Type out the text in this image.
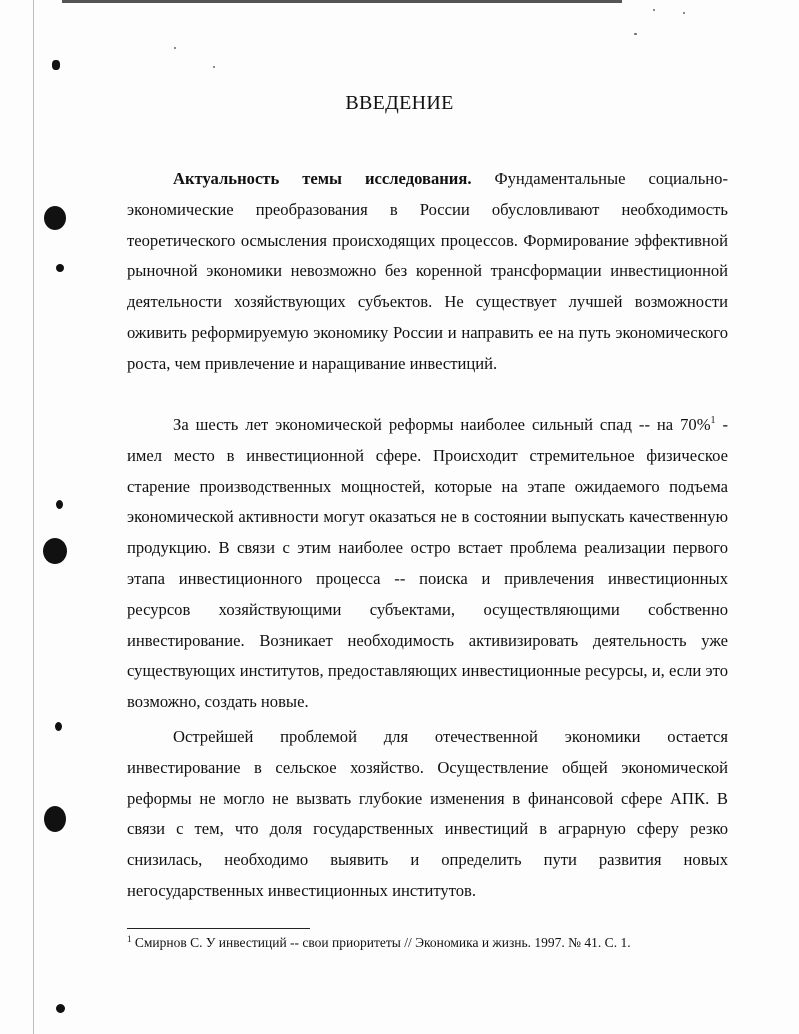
ВВЕДЕНИЕ

Актуальность темы исследования. Фундаментальные социально-экономические преобразования в России обусловливают необходимость теоретического осмысления происходящих процессов. Формирование эффективной рыночной экономики невозможно без коренной трансформации инвестиционной деятельности хозяйствующих субъектов. Не существует лучшей возможности оживить реформируемую экономику России и направить ее на путь экономического роста, чем привлечение и наращивание инвестиций.

За шесть лет экономической реформы наиболее сильный спад -- на 70%$^1$ - имел место в инвестиционной сфере. Происходит стремительное физическое старение производственных мощностей, которые на этапе ожидаемого подъема экономической активности могут оказаться не в состоянии выпускать качественную продукцию. В связи с этим наиболее остро встает проблема реализации первого этапа инвестиционного процесса -- поиска и привлечения инвестиционных ресурсов хозяйствующими субъектами, осуществляющими собственно инвестирование. Возникает необходимость активизировать деятельность уже существующих институтов, предоставляющих инвестиционные ресурсы, и, если это возможно, создать новые.

Острейшей проблемой для отечественной экономики остается инвестирование в сельское хозяйство. Осуществление общей экономической реформы не могло не вызвать глубокие изменения в финансовой сфере АПК. В связи с тем, что доля государственных инвестиций в аграрную сферу резко снизилась, необходимо выявить и определить пути развития новых негосударственных инвестиционных институтов.

$^1$ Смирнов С. У инвестиций -- свои приоритеты // Экономика и жизнь. 1997. № 41. С. 1.
